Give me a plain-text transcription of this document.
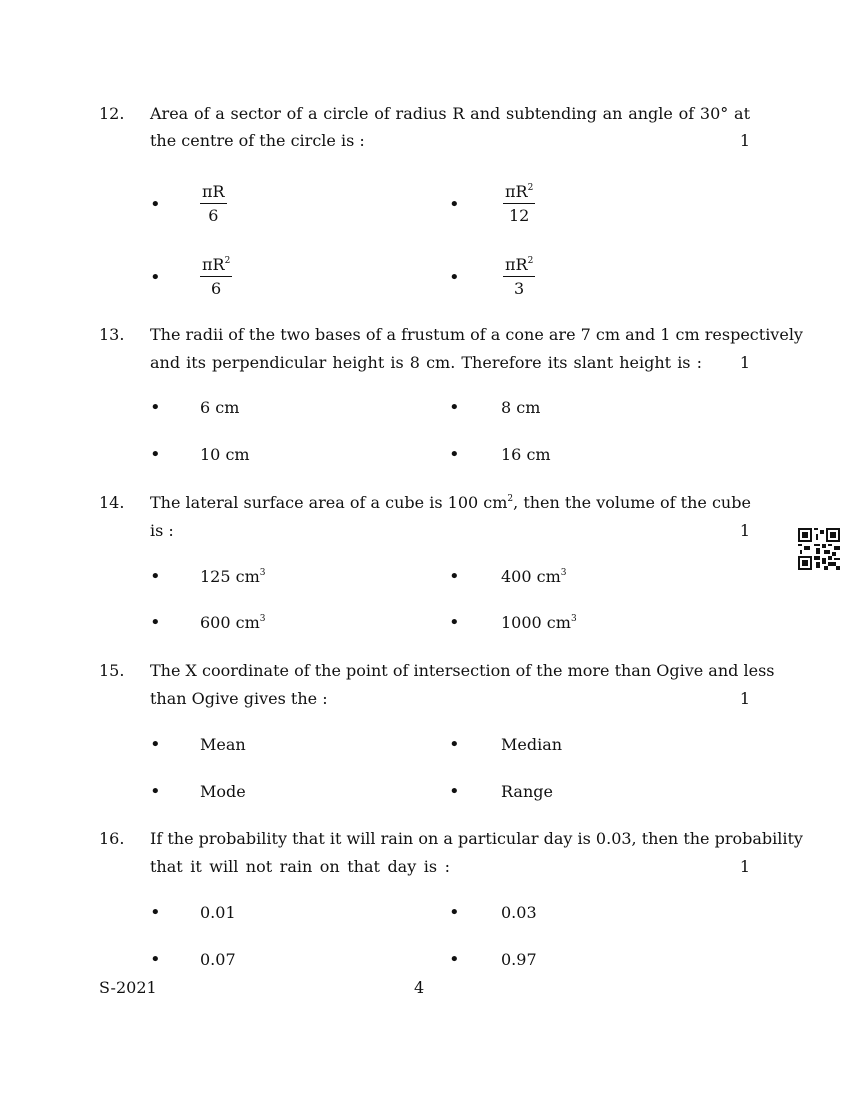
12. Area of a sector of a circle of radius R and subtending an angle of 30° at
the centre of the circle is :	1
• $\frac{\pi R}{6}$	•	$\frac{\pi R^2}{12}$
• $\frac{\pi R^2}{6}$	•	$\frac{\pi R^2}{3}$
13. The radii of the two bases of a frustum of a cone are 7 cm and 1 cm respectively
and its perpendicular height is 8 cm. Therefore its slant height is :	1
• 6 cm	•	8 cm
• 10 cm	•	16 cm
14. The lateral surface area of a cube is 100 $cm^2$, then the volume of the cube
is :	1
• 125 $cm^3$	•	400 $cm^3$
• 600 $cm^3$	•	1000 $cm^3$
15. The X coordinate of the point of intersection of the more than Ogive and less
than Ogive gives the :	1
• Mean	•	Median
• Mode	•	Range
16. If the probability that it will rain on a particular day is 0.03, then the probability
that it will not rain on that day is :	1
• 0.01	•	0.03
• 0.07	•	0.97
S-2021	4
